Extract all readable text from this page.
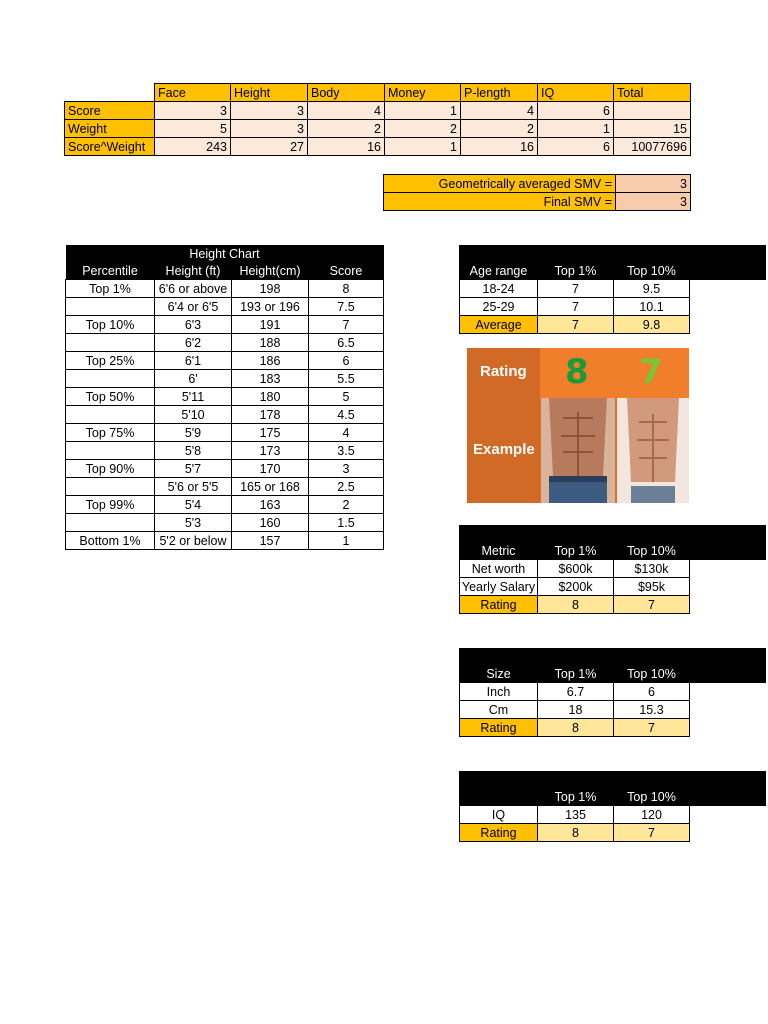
	Face	Height	Body	Money	P-length	IQ	Total
Score	3	3	4	1	4	6	
Weight	5	3	2	2	2	1	15
Score^Weight	243	27	16	1	16	6	10077696
Geometrically averaged SMV =	3
Final SMV =	3
Height Chart			
Percentile	Height (ft)	Height(cm)	Score
Top 1%	6'6 or above	198	8
	6'4 or 6'5	193 or 196	7.5
Top 10%	6'3	191	7
	6'2	188	6.5
Top 25%	6'1	186	6
	6'	183	5.5
Top 50%	5'11	180	5
	5'10	178	4.5
Top 75%	5'9	175	4
	5'8	173	3.5
Top 90%	5'7	170	3
	5'6 or 5'5	165 or 168	2.5
Top 99%	5'4	163	2
	5'3	160	1.5
Bottom 1%	5'2 or below	157	1
Age range	Top 1%	Top 10%
18-24	7	9.5
25-29	7	10.1
Average	7	9.8
Rating
Example
8 7
Metric	Top 1%	Top 10%
Net worth	$600k	$130k
Yearly Salary	$200k	$95k
Rating	8	7
Size	Top 1%	Top 10%
Inch	6.7	6
Cm	18	15.3
Rating	8	7
	Top 1%	Top 10%
IQ	135	120
Rating	8	7
